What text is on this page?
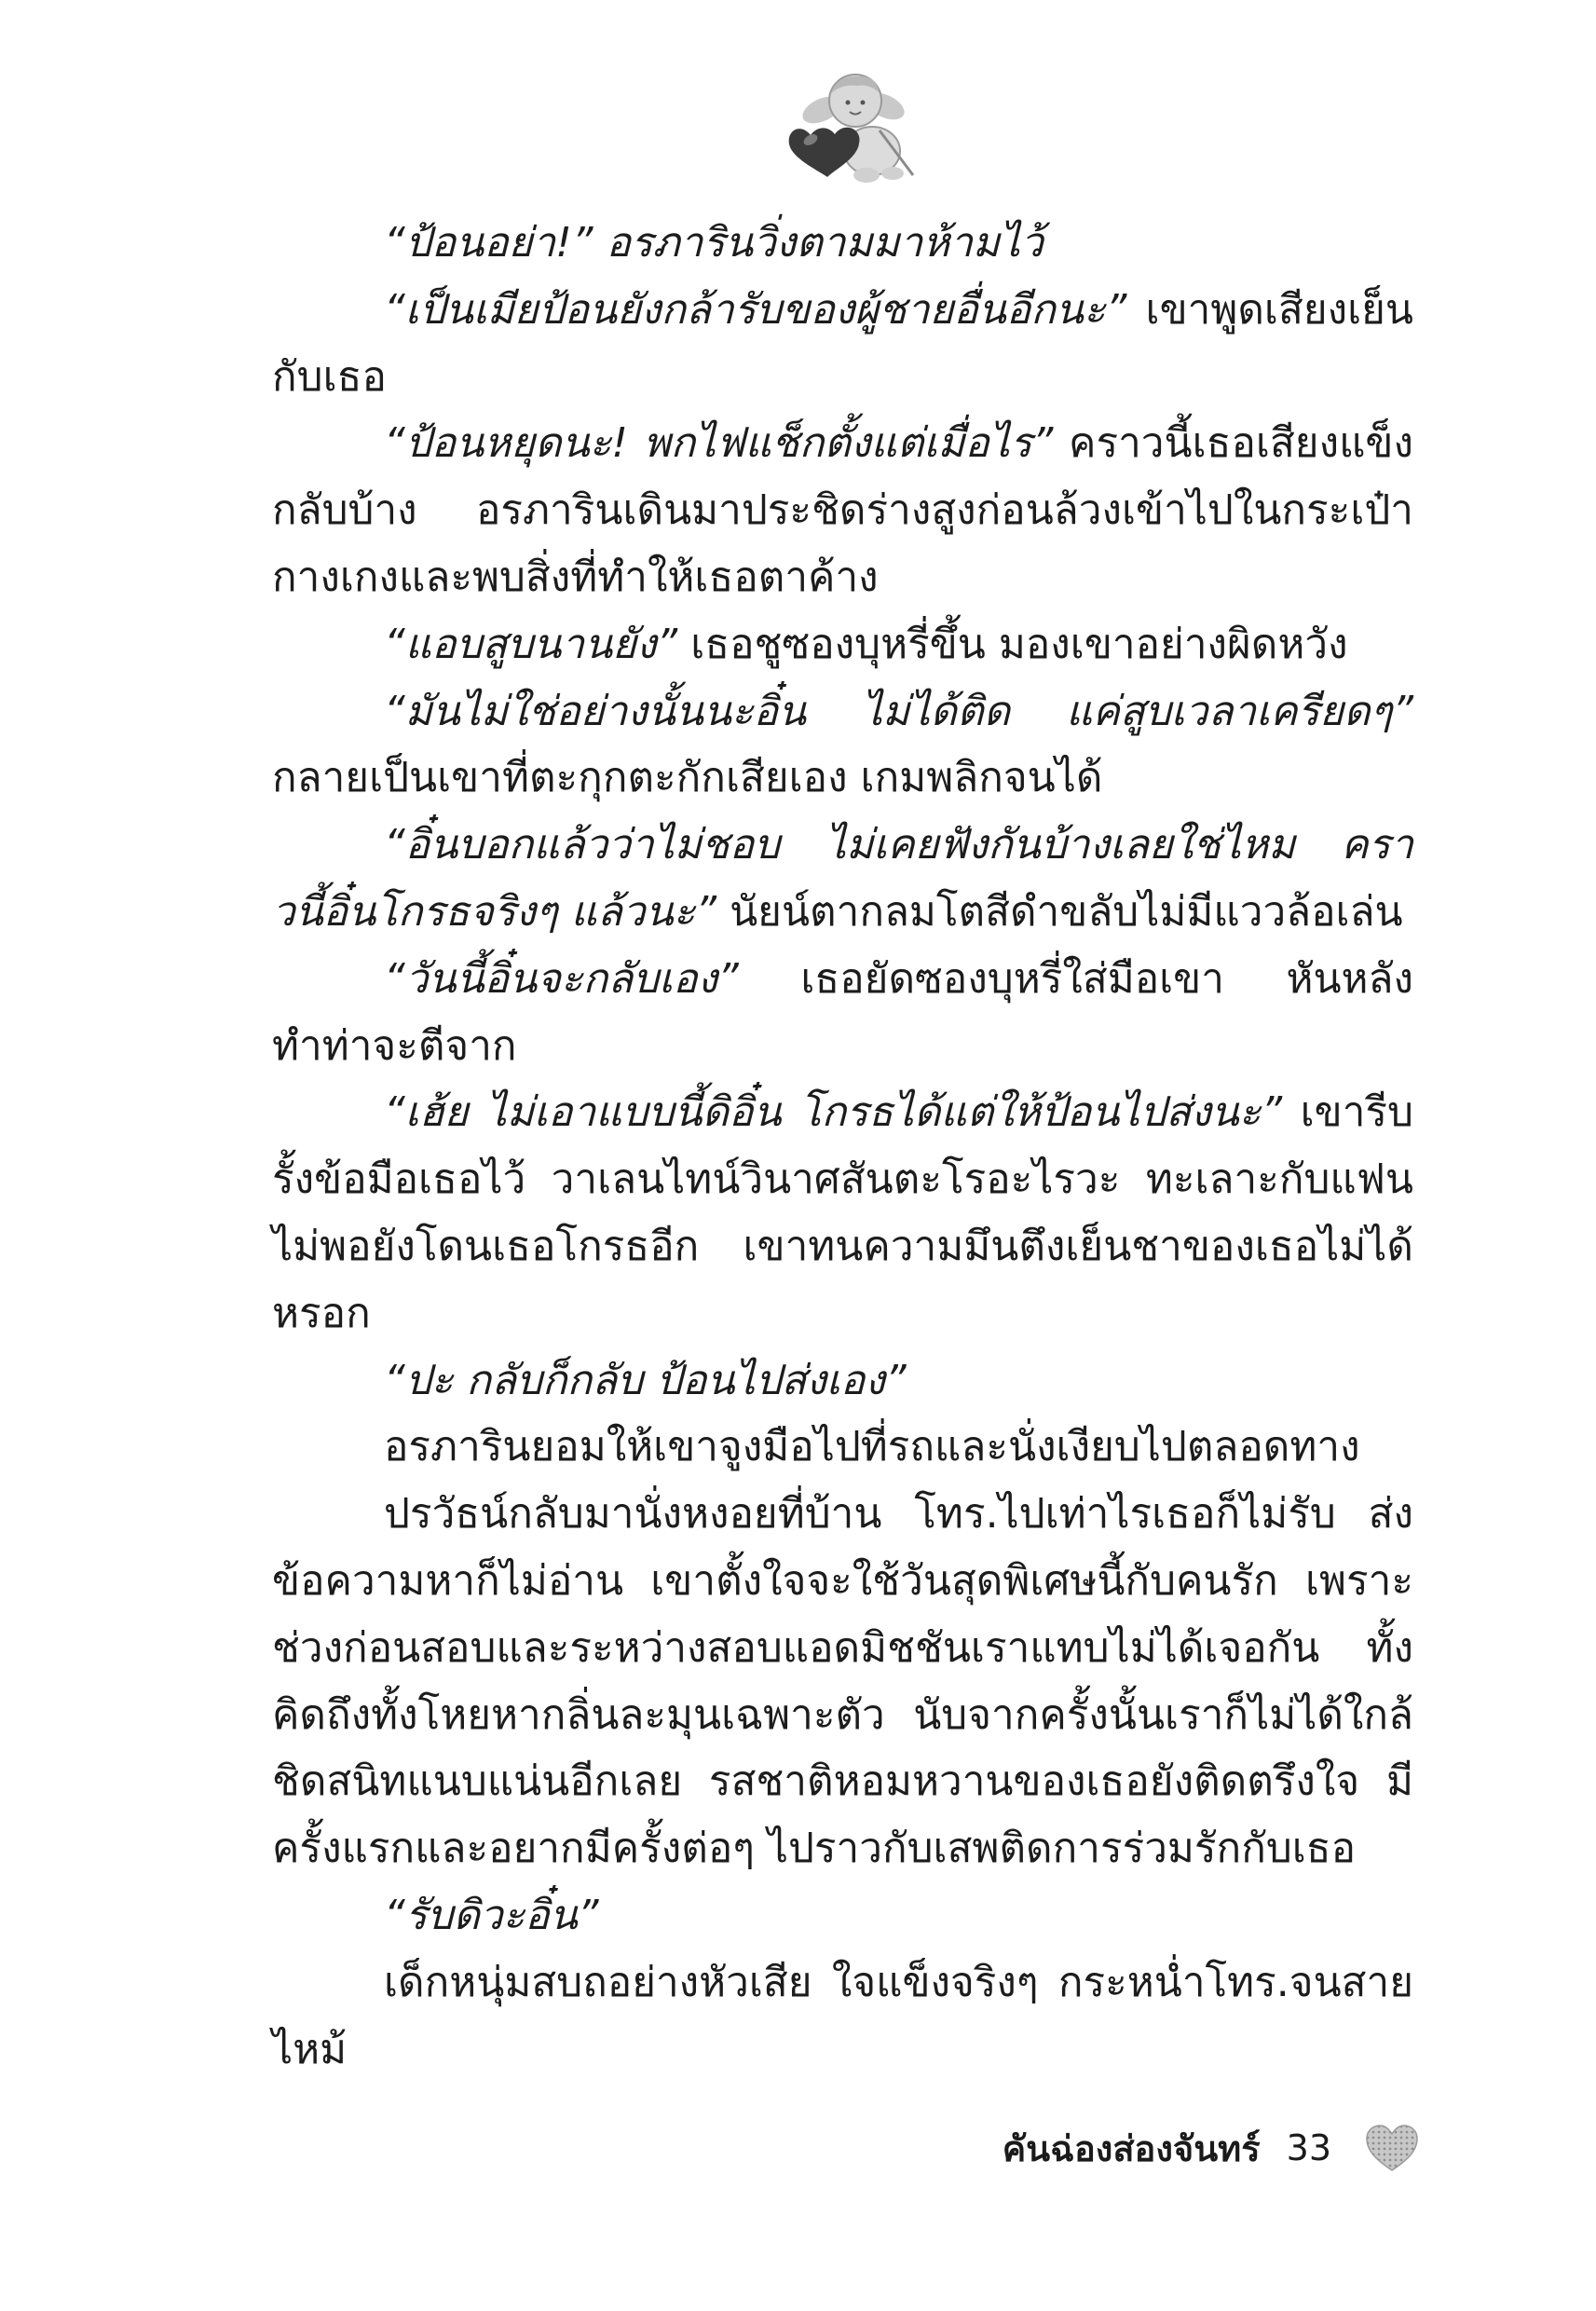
“ป้อนอย่า!” อรภารินวิ่งตามมาห้ามไว้

“เป็นเมียป้อนยังกล้ารับของผู้ชายอื่นอีกนะ” เขาพูดเสียงเย็นกับเธอ

“ป้อนหยุดนะ! พกไฟแช็กตั้งแต่เมื่อไร” คราวนี้เธอเสียงแข็งกลับบ้าง อรภารินเดินมาประชิดร่างสูงก่อนล้วงเข้าไปในกระเป๋ากางเกงและพบสิ่งที่ทำให้เธอตาค้าง

“แอบสูบนานยัง” เธอชูซองบุหรี่ขึ้น มองเขาอย่างผิดหวัง

“มันไม่ใช่อย่างนั้นนะอิ๋น ไม่ได้ติด แค่สูบเวลาเครียดๆ” กลายเป็นเขาที่ตะกุกตะกักเสียเอง เกมพลิกจนได้

“อิ๋นบอกแล้วว่าไม่ชอบ ไม่เคยฟังกันบ้างเลยใช่ไหม คราวนี้อิ๋นโกรธจริงๆ แล้วนะ” นัยน์ตากลมโตสีดำขลับไม่มีแววล้อเล่น

“วันนี้อิ๋นจะกลับเอง” เธอยัดซองบุหรี่ใส่มือเขา หันหลังทำท่าจะตีจาก

“เฮ้ย ไม่เอาแบบนี้ดิอิ๋น โกรธได้แต่ให้ป้อนไปส่งนะ” เขารีบรั้งข้อมือเธอไว้ วาเลนไทน์วินาศสันตะโรอะไรวะ ทะเลาะกับแฟนไม่พอยังโดนเธอโกรธอีก เขาทนความมึนตึงเย็นชาของเธอไม่ได้หรอก

“ปะ กลับก็กลับ ป้อนไปส่งเอง”

อรภารินยอมให้เขาจูงมือไปที่รถและนั่งเงียบไปตลอดทาง

ปรวัธน์กลับมานั่งหงอยที่บ้าน โทร.ไปเท่าไรเธอก็ไม่รับ ส่งข้อความหาก็ไม่อ่าน เขาตั้งใจจะใช้วันสุดพิเศษนี้กับคนรัก เพราะช่วงก่อนสอบและระหว่างสอบแอดมิชชันเราแทบไม่ได้เจอกัน ทั้งคิดถึงทั้งโหยหากลิ่นละมุนเฉพาะตัว นับจากครั้งนั้นเราก็ไม่ได้ใกล้ชิดสนิทแนบแน่นอีกเลย รสชาติหอมหวานของเธอยังติดตรึงใจ มีครั้งแรกและอยากมีครั้งต่อๆ ไปราวกับเสพติดการร่วมรักกับเธอ

“รับดิวะอิ๋น”

เด็กหนุ่มสบถอย่างหัวเสีย ใจแข็งจริงๆ กระหน่ำโทร.จนสายไหม้

คันฉ่องส่องจันทร์ 33
